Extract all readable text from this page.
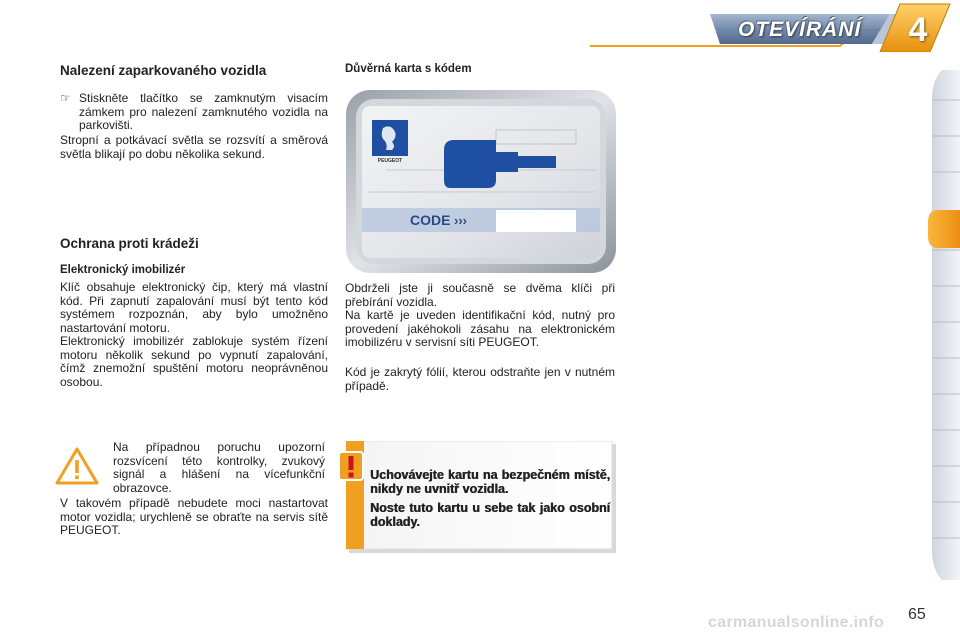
OTEVÍRÁNÍ	4
Nalezení zaparkovaného vozidla
☞ Stiskněte tlačítko se zamknutým visacím zámkem pro nalezení zamknutého vozidla na parkovišti.
Stropní a potkávací světla se rozsvítí a směrová světla blikají po dobu několika sekund.
Ochrana proti krádeži
Elektronický imobilizér
Klíč obsahuje elektronický čip, který má vlastní kód. Při zapnutí zapalování musí být tento kód systémem rozpoznán, aby bylo umožněno nastartování motoru.
Elektronický imobilizér zablokuje systém řízení motoru několik sekund po vypnutí zapalování, čímž znemožní spuštění motoru neoprávněnou osobou.
Na případnou poruchu upozorní rozsvícení této kontrolky, zvukový signál a hlášení na vícefunkční obrazovce.
V takovém případě nebudete moci nastartovat motor vozidla; urychleně se obraťte na servis sítě PEUGEOT.
Důvěrná karta s kódem
PEUGEOT
CODE ›››
Obdrželi jste ji současně se dvěma klíči při přebírání vozidla.
Na kartě je uveden identifikační kód, nutný pro provedení jakéhokoli zásahu na elektronickém imobilizéru v servisní síti PEUGEOT.
Kód je zakrytý fólií, kterou odstraňte jen v nutném případě.
Uchovávejte kartu na bezpečném místě, nikdy ne uvnitř vozidla.
Noste tuto kartu u sebe tak jako osobní doklady.
carmanualsonline.info 65
